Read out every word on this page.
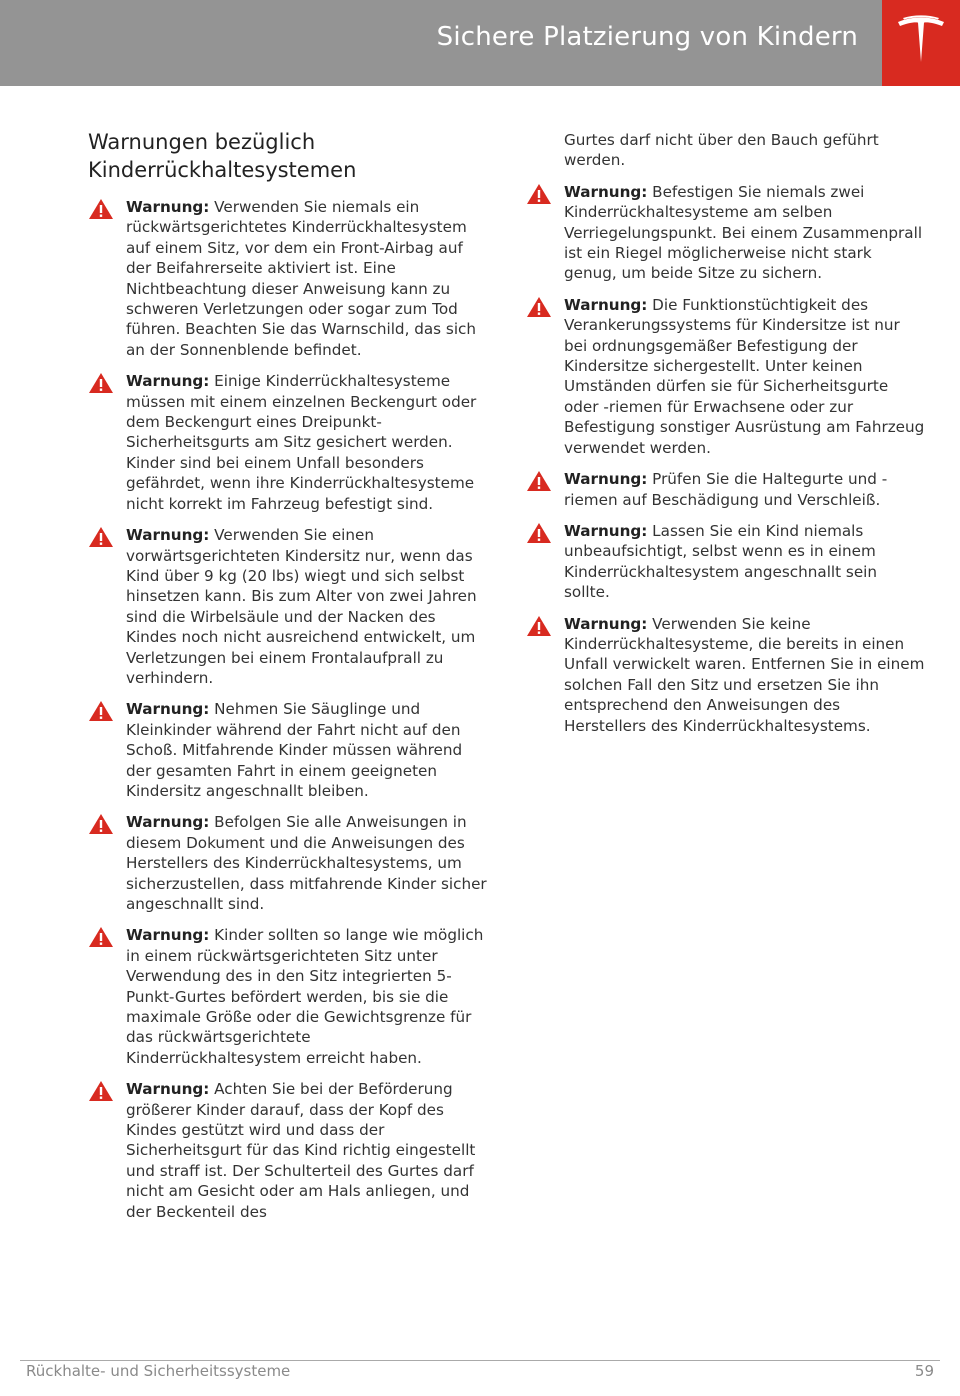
Sichere Platzierung von Kindern
Warnungen bezüglich Kinderrückhaltesystemen
Warnung: Verwenden Sie niemals ein rückwärtsgerichtetes Kinderrückhaltesystem auf einem Sitz, vor dem ein Front-Airbag auf der Beifahrerseite aktiviert ist. Eine Nichtbeachtung dieser Anweisung kann zu schweren Verletzungen oder sogar zum Tod führen. Beachten Sie das Warnschild, das sich an der Sonnenblende befindet.
Warnung: Einige Kinderrückhaltesysteme müssen mit einem einzelnen Beckengurt oder dem Beckengurt eines Dreipunkt-Sicherheitsgurts am Sitz gesichert werden. Kinder sind bei einem Unfall besonders gefährdet, wenn ihre Kinderrückhaltesysteme nicht korrekt im Fahrzeug befestigt sind.
Warnung: Verwenden Sie einen vorwärtsgerichteten Kindersitz nur, wenn das Kind über 9 kg (20 lbs) wiegt und sich selbst hinsetzen kann. Bis zum Alter von zwei Jahren sind die Wirbelsäule und der Nacken des Kindes noch nicht ausreichend entwickelt, um Verletzungen bei einem Frontalaufprall zu verhindern.
Warnung: Nehmen Sie Säuglinge und Kleinkinder während der Fahrt nicht auf den Schoß. Mitfahrende Kinder müssen während der gesamten Fahrt in einem geeigneten Kindersitz angeschnallt bleiben.
Warnung: Befolgen Sie alle Anweisungen in diesem Dokument und die Anweisungen des Herstellers des Kinderrückhaltesystems, um sicherzustellen, dass mitfahrende Kinder sicher angeschnallt sind.
Warnung: Kinder sollten so lange wie möglich in einem rückwärtsgerichteten Sitz unter Verwendung des in den Sitz integrierten 5-Punkt-Gurtes befördert werden, bis sie die maximale Größe oder die Gewichtsgrenze für das rückwärtsgerichtete Kinderrückhaltesystem erreicht haben.
Warnung: Achten Sie bei der Beförderung größerer Kinder darauf, dass der Kopf des Kindes gestützt wird und dass der Sicherheitsgurt für das Kind richtig eingestellt und straff ist. Der Schulterteil des Gurtes darf nicht am Gesicht oder am Hals anliegen, und der Beckenteil des

Gurtes darf nicht über den Bauch geführt werden.

Warnung: Befestigen Sie niemals zwei Kinderrückhaltesysteme am selben Verriegelungspunkt. Bei einem Zusammenprall ist ein Riegel möglicherweise nicht stark genug, um beide Sitze zu sichern.
Warnung: Die Funktionstüchtigkeit des Verankerungssystems für Kindersitze ist nur bei ordnungsgemäßer Befestigung der Kindersitze sichergestellt. Unter keinen Umständen dürfen sie für Sicherheitsgurte oder -riemen für Erwachsene oder zur Befestigung sonstiger Ausrüstung am Fahrzeug verwendet werden.
Warnung: Prüfen Sie die Haltegurte und -riemen auf Beschädigung und Verschleiß.
Warnung: Lassen Sie ein Kind niemals unbeaufsichtigt, selbst wenn es in einem Kinderrückhaltesystem angeschnallt sein sollte.
Warnung: Verwenden Sie keine Kinderrückhaltesysteme, die bereits in einen Unfall verwickelt waren. Entfernen Sie in einem solchen Fall den Sitz und ersetzen Sie ihn entsprechend den Anweisungen des Herstellers des Kinderrückhaltesystems.
Rückhalte- und Sicherheitssysteme	59
